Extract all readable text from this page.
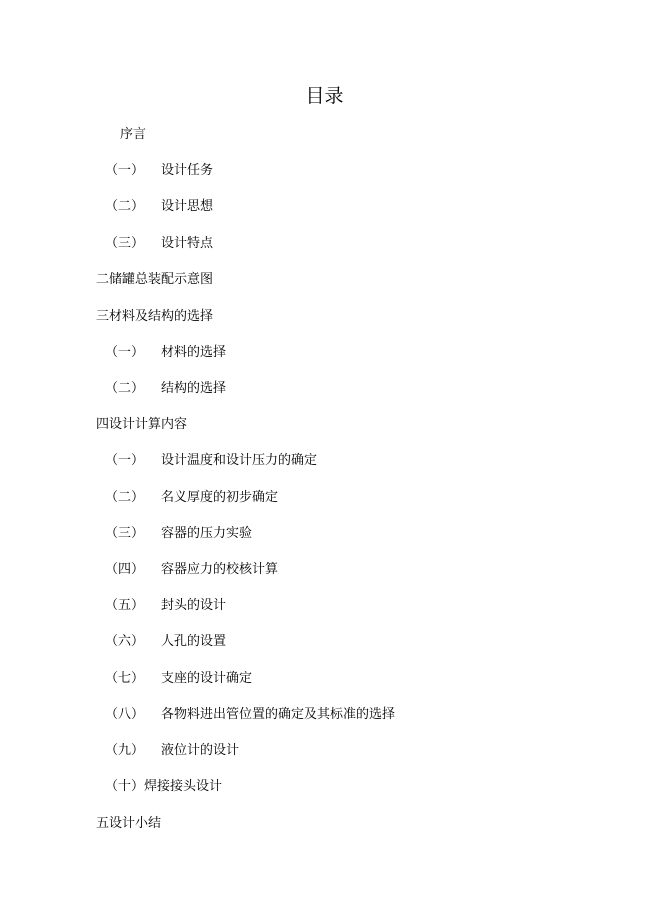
目录
序言
（一） 设计任务
（二） 设计思想
（三） 设计特点
二储罐总装配示意图
三材料及结构的选择
（一） 材料的选择
（二） 结构的选择
四设计计算内容
（一） 设计温度和设计压力的确定
（二） 名义厚度的初步确定
（三） 容器的压力实验
（四） 容器应力的校核计算
（五） 封头的设计
（六） 人孔的设置
（七） 支座的设计确定
（八） 各物料进出管位置的确定及其标准的选择
（九） 液位计的设计
（十）焊接接头设计
五设计小结
